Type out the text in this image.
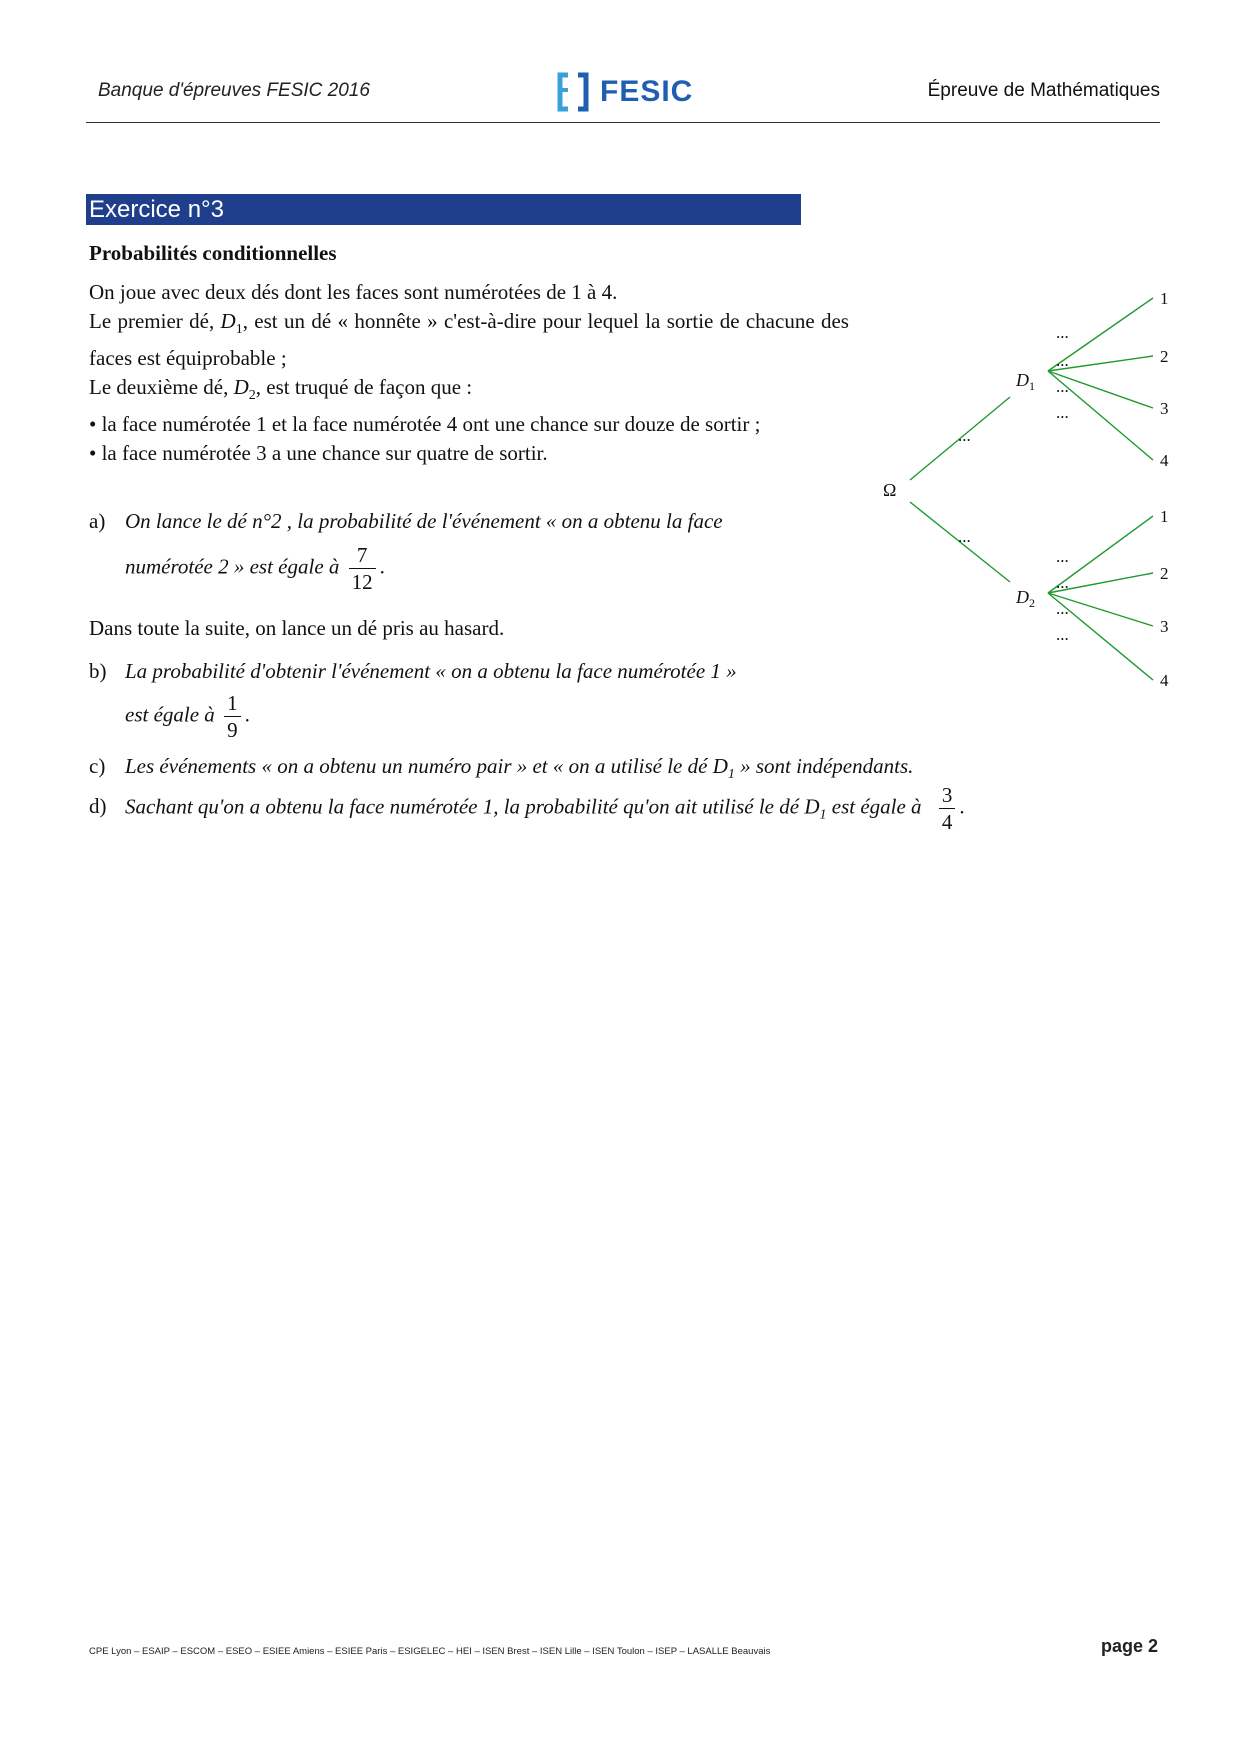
Banque d'épreuves FESIC 2016	FESIC	Épreuve de Mathématiques
Exercice n°3
Probabilités conditionnelles

On joue avec deux dés dont les faces sont numérotées de 1 à 4.

Le premier dé, $D_1$, est un dé « honnête » c'est-à-dire pour lequel la sortie de chacune des faces est équiprobable ;

Le deuxième dé, $D_2$, est truqué de façon que :

• la face numérotée 1 et la face numérotée 4 ont une chance sur douze de sortir ;

• la face numérotée 3 a une chance sur quatre de sortir.

a) On lance le dé n°2 , la probabilité de l'événement « on a obtenu la face
numérotée 2 » est égale à $\frac{7}{12}$ .
Dans toute la suite, on lance un dé pris au hasard.
b) La probabilité d'obtenir l'événement « on a obtenu la face numérotée 1 »
est égale à $\frac{1}{9}$ .
c) Les événements « on a obtenu un numéro pair » et « on a utilisé le dé $D_1$ » sont indépendants.
d) Sachant qu'on a obtenu la face numérotée 1, la probabilité qu'on ait utilisé le dé $D_1$ est égale à $\frac{3}{4}$ .
Ω
...
...
$D_1$
$D_2$
1
...
2
...
3
...
4
...
1
...
2
...
3
...
4
...
CPE Lyon – ESAIP – ESCOM – ESEO – ESIEE Amiens – ESIEE Paris – ESIGELEC – HEI – ISEN Brest – ISEN Lille – ISEN Toulon – ISEP – LASALLE Beauvais	page 2
